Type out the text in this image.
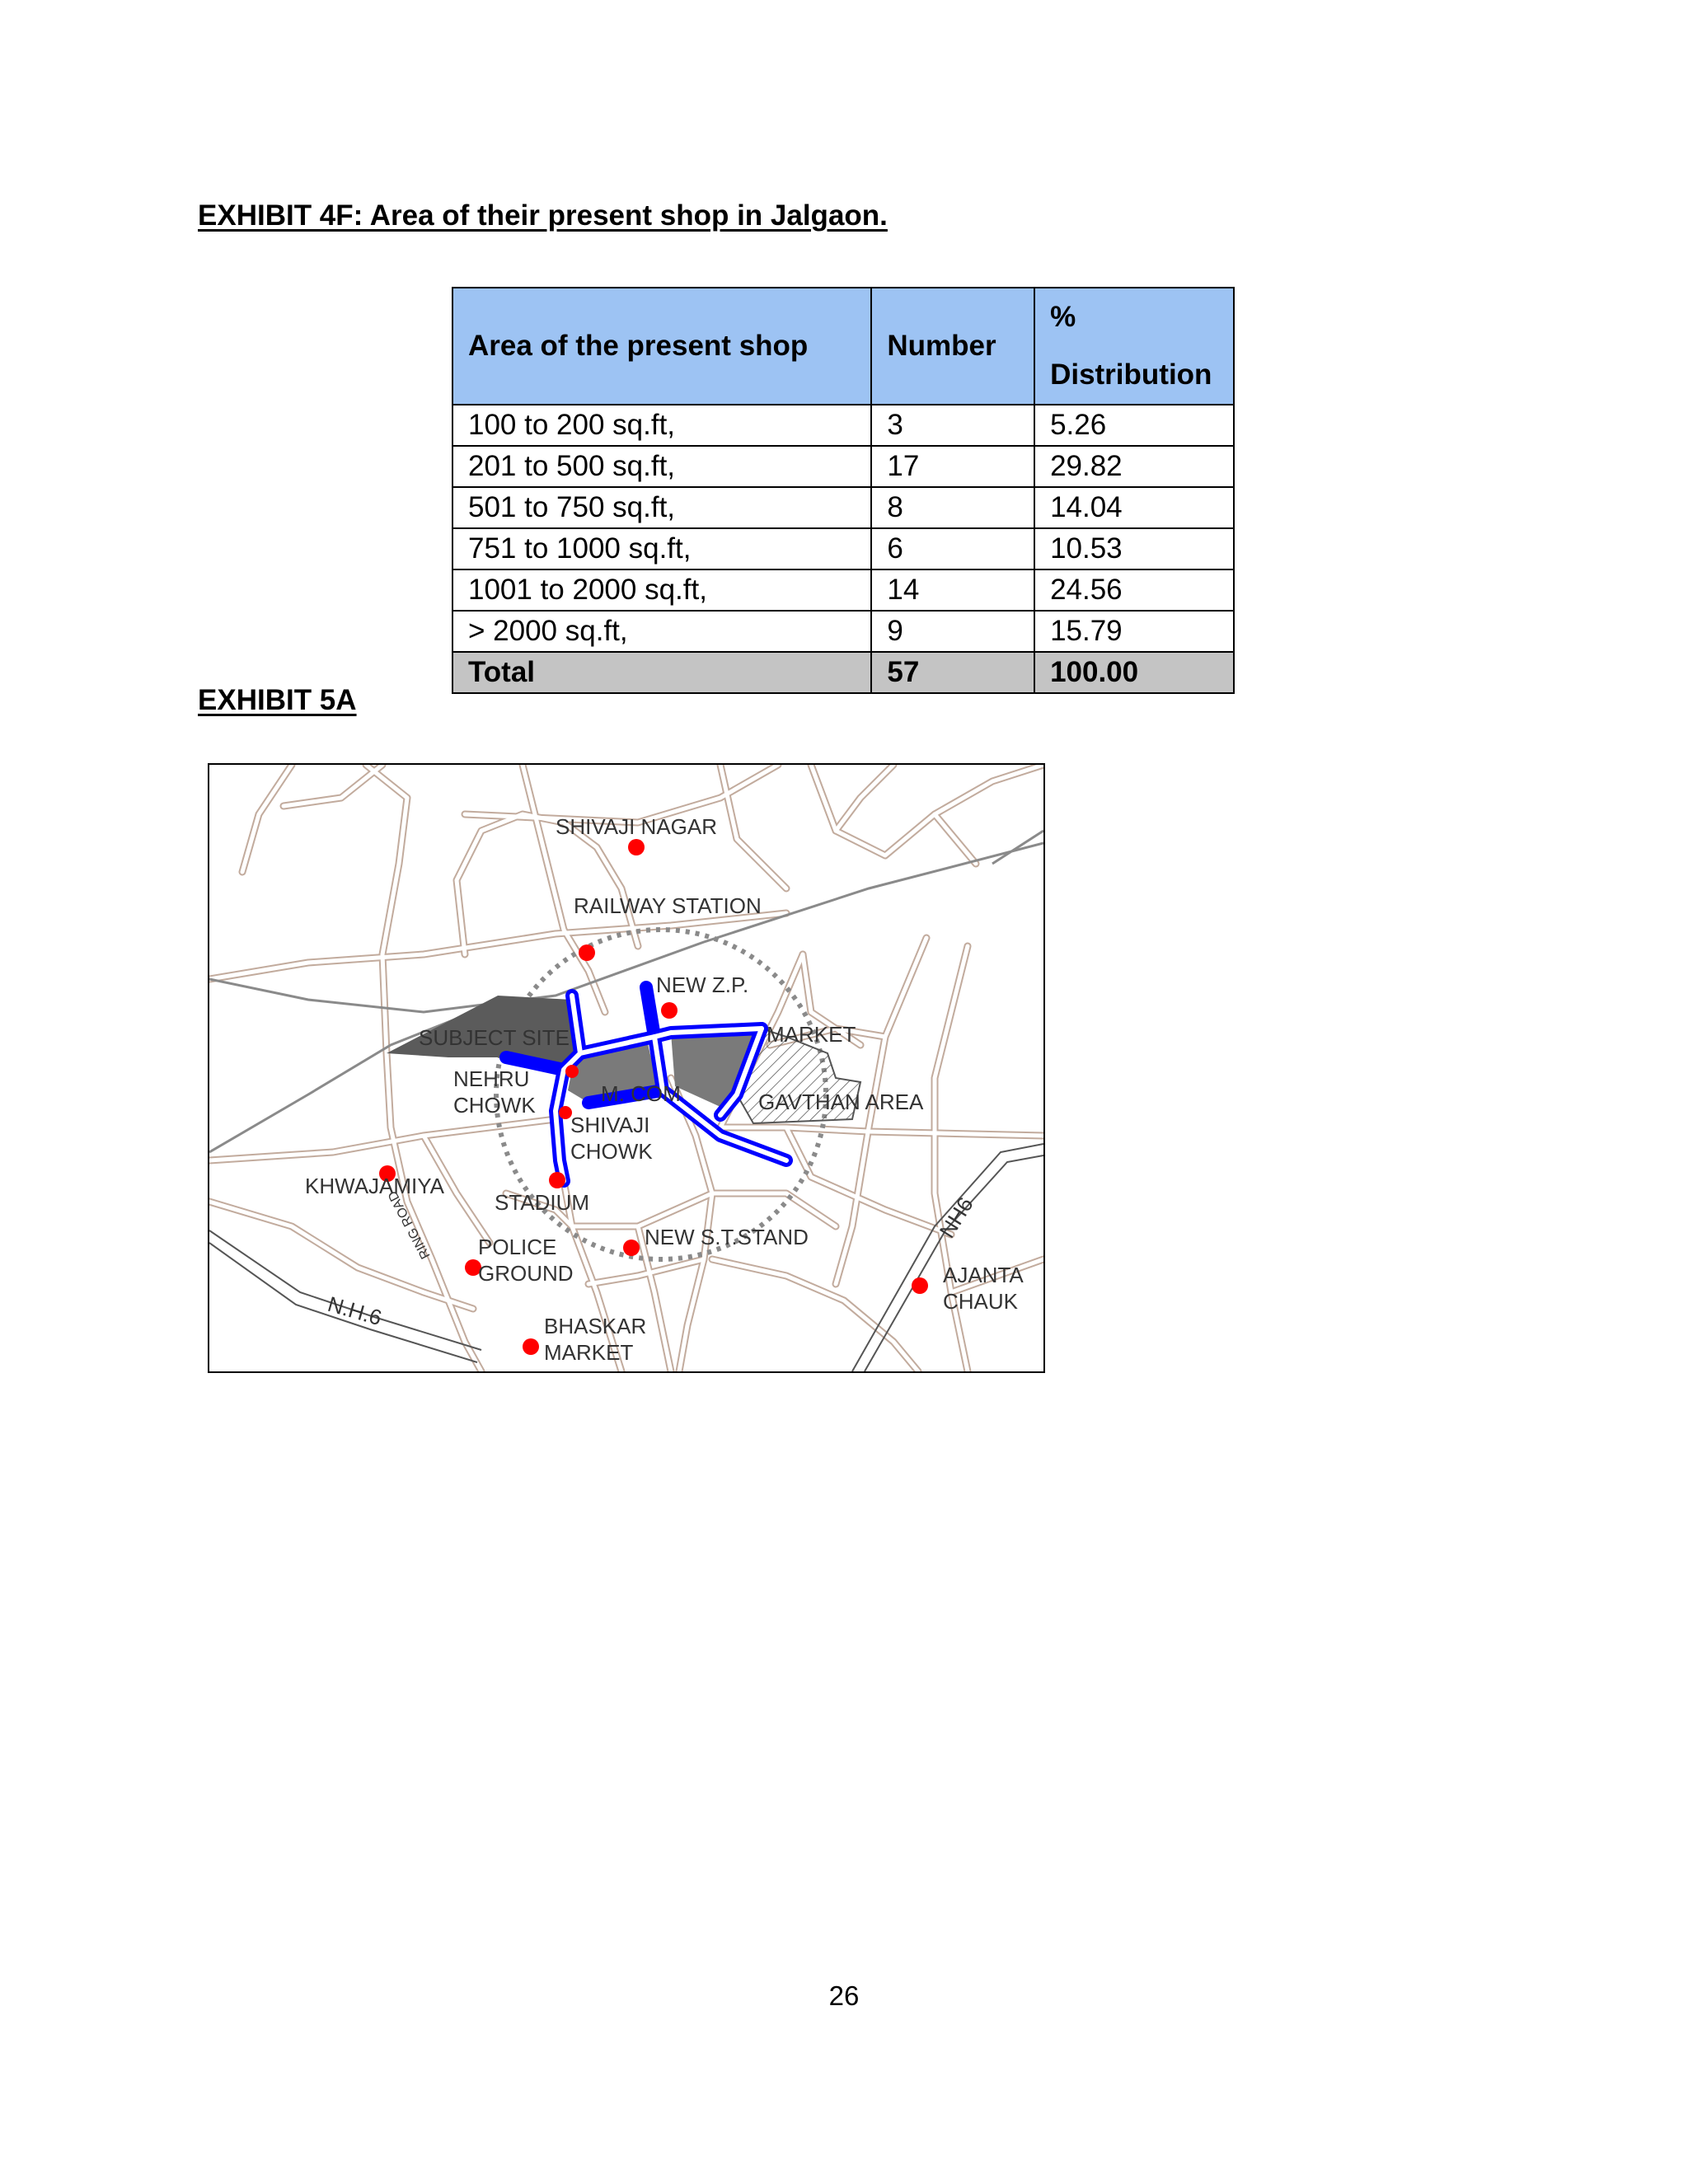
EXHIBIT 4F: Area of their present shop in Jalgaon.
Area of the present shop	Number	%
Distribution

100 to 200 sq.ft,	3	5.26
201 to 500 sq.ft,	17	29.82
501 to 750 sq.ft,	8	14.04
751 to 1000 sq.ft,	6	10.53
1001 to 2000 sq.ft,	14	24.56
> 2000 sq.ft,	9	15.79
Total	57	100.00
EXHIBIT 5A
SHIVAJI NAGAR
RAILWAY STATION
NEW Z.P.
SUBJECT SITE	MARKET
NEHRU
CHOWK	M. COM	GAVTHAN AREA
SHIVAJI
CHOWK
KHWAJAMIYA
STADIUM
NEW S.T.STAND
POLICE
GROUND
RING ROAD
N.H.6
NH6
AJANTA
CHAUK
BHASKAR
MARKET
26
